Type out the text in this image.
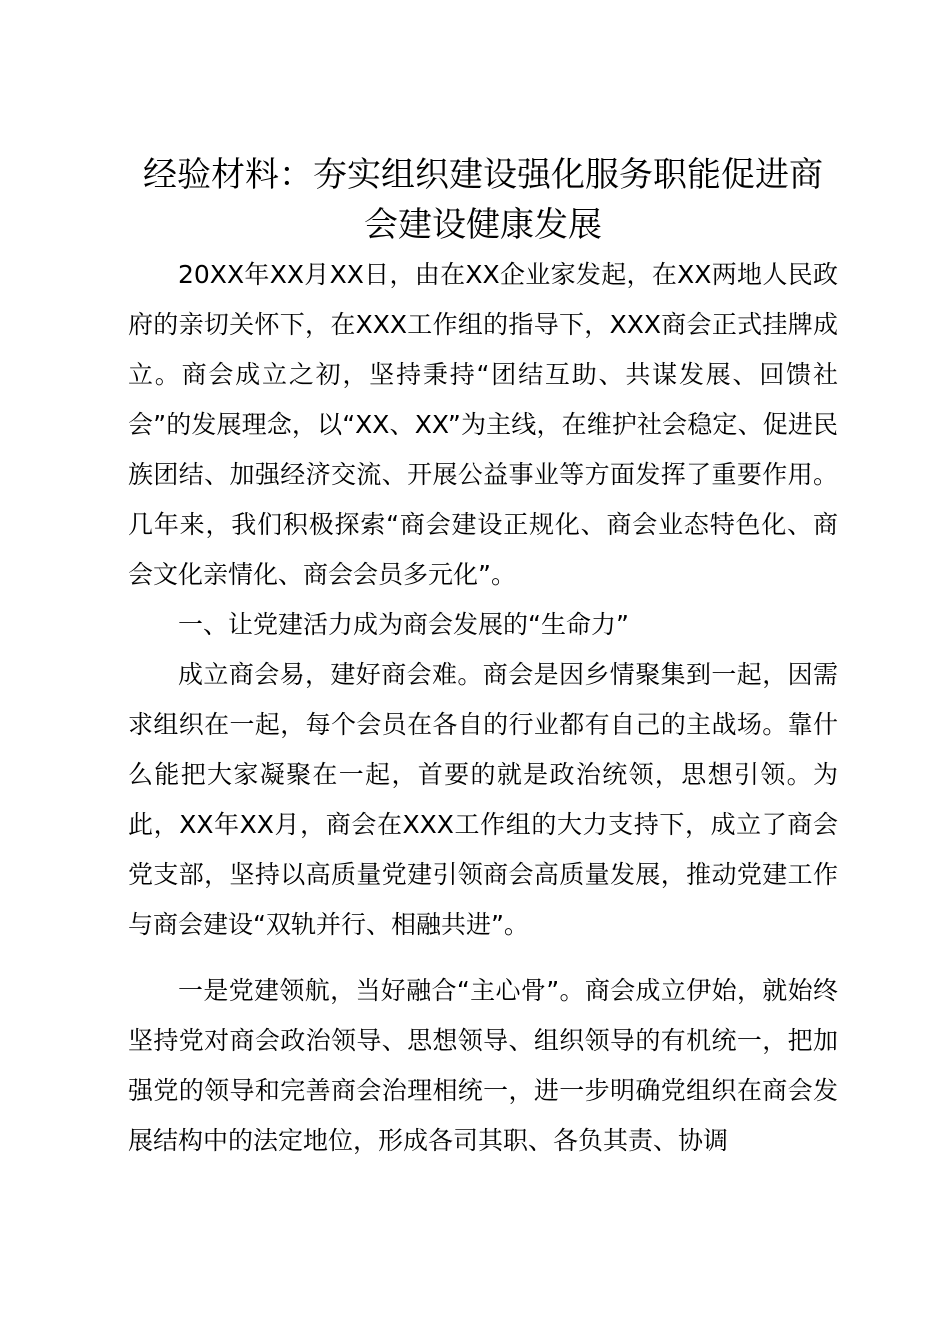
经验材料：夯实组织建设强化服务职能促进商会建设健康发展

20XX年XX月XX日，由在XX企业家发起，在XX两地人民政府的亲切关怀下，在XXX工作组的指导下，XXX商会正式挂牌成立。商会成立之初，坚持秉持“团结互助、共谋发展、回馈社会”的发展理念，以“XX、XX”为主线，在维护社会稳定、促进民族团结、加强经济交流、开展公益事业等方面发挥了重要作用。几年来，我们积极探索“商会建设正规化、商会业态特色化、商会文化亲情化、商会会员多元化”。

一、让党建活力成为商会发展的“生命力”

成立商会易，建好商会难。商会是因乡情聚集到一起，因需求组织在一起，每个会员在各自的行业都有自己的主战场。靠什么能把大家凝聚在一起，首要的就是政治统领，思想引领。为此，XX年XX月，商会在XXX工作组的大力支持下，成立了商会党支部，坚持以高质量党建引领商会高质量发展，推动党建工作与商会建设“双轨并行、相融共进”。

一是党建领航，当好融合“主心骨”。商会成立伊始，就始终坚持党对商会政治领导、思想领导、组织领导的有机统一，把加强党的领导和完善商会治理相统一，进一步明确党组织在商会发展结构中的法定地位，形成各司其职、各负其责、协调
